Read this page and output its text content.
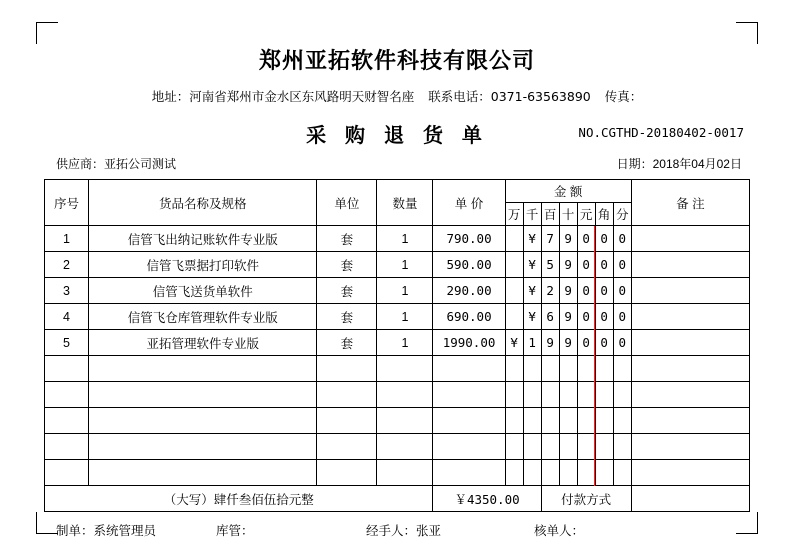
郑州亚拓软件科技有限公司
地址：河南省郑州市金水区东风路明天财智名座 联系电话：0371-63563890 传真：
采 购 退 货 单	NO.CGTHD-20180402-0017
供应商：亚拓公司测试	日期：2018年04月02日
序号	货品名称及规格	单位	数量	单 价	金 额							备 注
					万	千	百	十	元	角	分	
1	信管飞出纳记账软件专业版	套	1	790.00		¥	7	9	0	0	0	
2	信管飞票据打印软件	套	1	590.00		¥	5	9	0	0	0	
3	信管飞送货单软件	套	1	290.00		¥	2	9	0	0	0	
4	信管飞仓库管理软件专业版	套	1	690.00		¥	6	9	0	0	0	
5	亚拓管理软件专业版	套	1	1990.00	¥	1	9	9	0	0	0	

（大写）肆仟叁佰伍拾元整				￥4350.00			付款方式					
制单：系统管理员	库管：	经手人：张亚	核单人：
